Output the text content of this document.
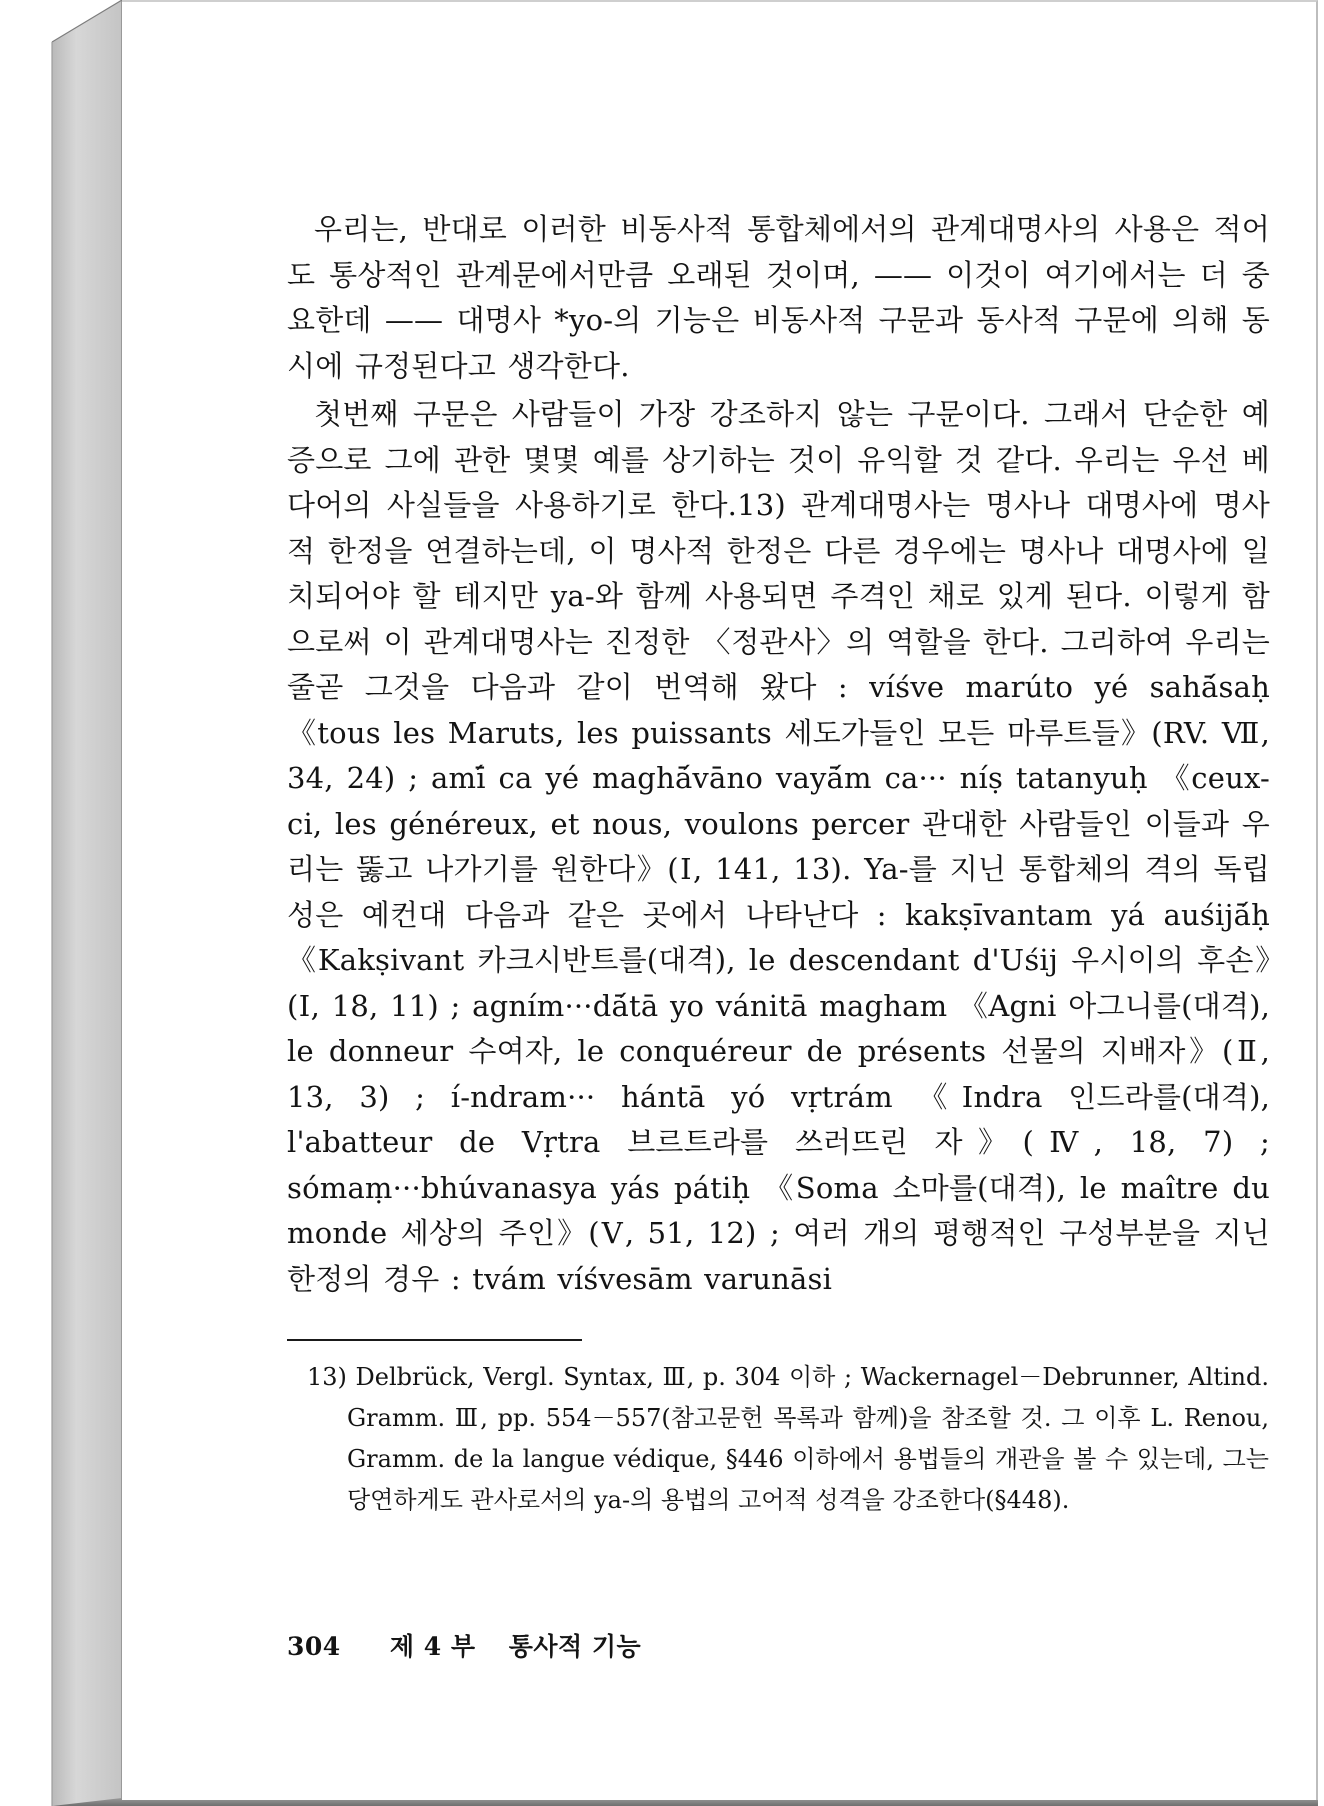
우리는, 반대로 이러한 비동사적 통합체에서의 관계대명사의 사용은 적어도 통상적인 관계문에서만큼 오래된 것이며, —— 이것이 여기에서는 더 중요한데 —— 대명사 *yo-의 기능은 비동사적 구문과 동사적 구문에 의해 동시에 규정된다고 생각한다.

첫번째 구문은 사람들이 가장 강조하지 않는 구문이다. 그래서 단순한 예증으로 그에 관한 몇몇 예를 상기하는 것이 유익할 것 같다. 우리는 우선 베다어의 사실들을 사용하기로 한다.13) 관계대명사는 명사나 대명사에 명사적 한정을 연결하는데, 이 명사적 한정은 다른 경우에는 명사나 대명사에 일치되어야 할 테지만 ya-와 함께 사용되면 주격인 채로 있게 된다. 이렇게 함으로써 이 관계대명사는 진정한 〈정관사〉의 역할을 한다. 그리하여 우리는 줄곧 그것을 다음과 같이 번역해 왔다 : víśve marúto yé sahā́saḥ 《tous les Maruts, les puissants 세도가들인 모든 마루트들》(RV. Ⅶ, 34, 24) ; amī́ ca yé maghā́vāno vayā́m ca··· nı́ṣ tatanyuḥ 《ceux-ci, les généreux, et nous, voulons percer 관대한 사람들인 이들과 우리는 뚫고 나가기를 원한다》(Ⅰ, 141, 13). Ya-를 지닌 통합체의 격의 독립성은 예컨대 다음과 같은 곳에서 나타난다 : kakṣı̄vantam yá auśijā́ḥ 《Kakṣivant 카크시반트를(대격), le descendant d'Uśij 우시이의 후손》(Ⅰ, 18, 11) ; agním···dā́tā yo vánitā magham 《Agni 아그니를(대격), le donneur 수여자, le conquéreur de présents 선물의 지배자》(Ⅱ, 13, 3) ; í-ndram··· hántā yó vṛtrám 《Indra 인드라를(대격), l'abatteur de Vṛtra 브르트라를 쓰러뜨린 자》(Ⅳ, 18, 7) ; sómaṃ···bhúvanasya yás pátiḥ 《Soma 소마를(대격), le maître du monde 세상의 주인》(Ⅴ, 51, 12) ; 여러 개의 평행적인 구성부분을 지닌 한정의 경우 : tvám víśvesām varunāsi

13) Delbrück, Vergl. Syntax, Ⅲ, p. 304 이하 ; Wackernagel－Debrunner, Altind. Gramm. Ⅲ, pp. 554－557(참고문헌 목록과 함께)을 참조할 것. 그 이후 L. Renou, Gramm. de la langue védique, §446 이하에서 용법들의 개관을 볼 수 있는데, 그는 당연하게도 관사로서의 ya-의 용법의 고어적 성격을 강조한다(§448).

304 제 4 부 통사적 기능
